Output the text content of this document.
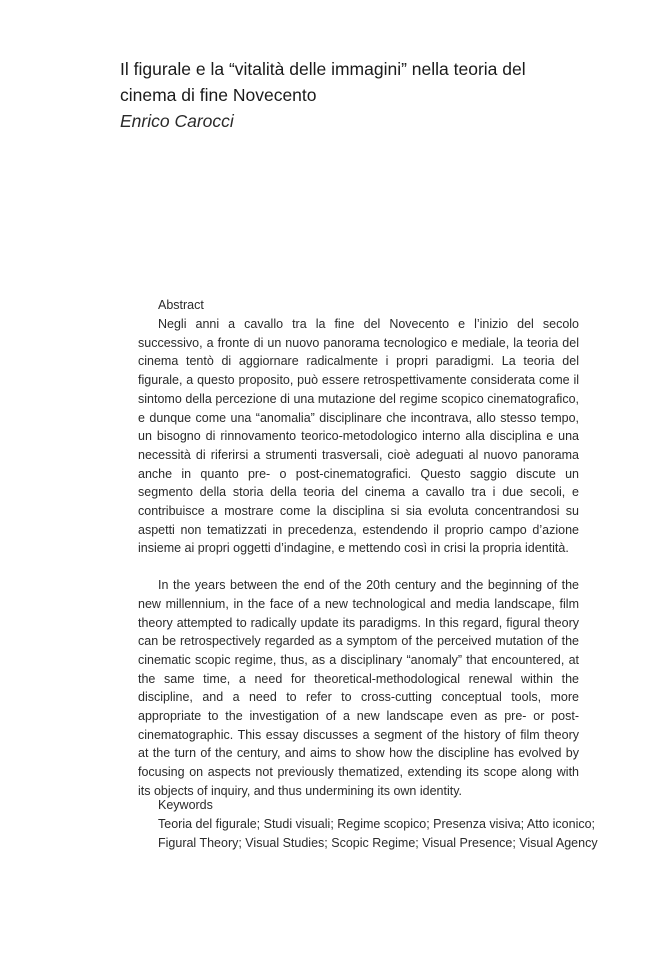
Il figurale e la “vitalità delle immagini” nella teoria del cinema di fine Novecento

Enrico Carocci

Abstract

Negli anni a cavallo tra la fine del Novecento e l’inizio del secolo successivo, a fronte di un nuovo panorama tecnologico e mediale, la teoria del cinema tentò di aggiornare radicalmente i propri paradigmi. La teoria del figurale, a questo proposito, può essere retrospettivamente considerata come il sintomo della percezione di una mutazione del regime scopico cinematografico, e dunque come una “anomalia” disciplinare che incontrava, allo stesso tempo, un bisogno di rinnovamento teorico-metodologico interno alla disciplina e una necessità di riferirsi a strumenti trasversali, cioè adeguati al nuovo panorama anche in quanto pre- o post-cinematografici. Questo saggio discute un segmento della storia della teoria del cinema a cavallo tra i due secoli, e contribuisce a mostrare come la disciplina si sia evoluta concentrandosi su aspetti non tematizzati in precedenza, estendendo il proprio campo d’azione insieme ai propri oggetti d’indagine, e mettendo così in crisi la propria identità.

In the years between the end of the 20th century and the beginning of the new millennium, in the face of a new technological and media landscape, film theory attempted to radically update its paradigms. In this regard, figural theory can be retrospectively regarded as a symptom of the perceived mutation of the cinematic scopic regime, thus, as a disciplinary “anomaly” that encountered, at the same time, a need for theoretical-methodological renewal within the discipline, and a need to refer to cross-cutting conceptual tools, more appropriate to the investigation of a new landscape even as pre- or post-cinematographic. This essay discusses a segment of the history of film theory at the turn of the century, and aims to show how the discipline has evolved by focusing on aspects not previously thematized, extending its scope along with its objects of inquiry, and thus undermining its own identity.

Keywords

Teoria del figurale; Studi visuali; Regime scopico; Presenza visiva; Atto iconico;

Figural Theory; Visual Studies; Scopic Regime; Visual Presence; Visual Agency
